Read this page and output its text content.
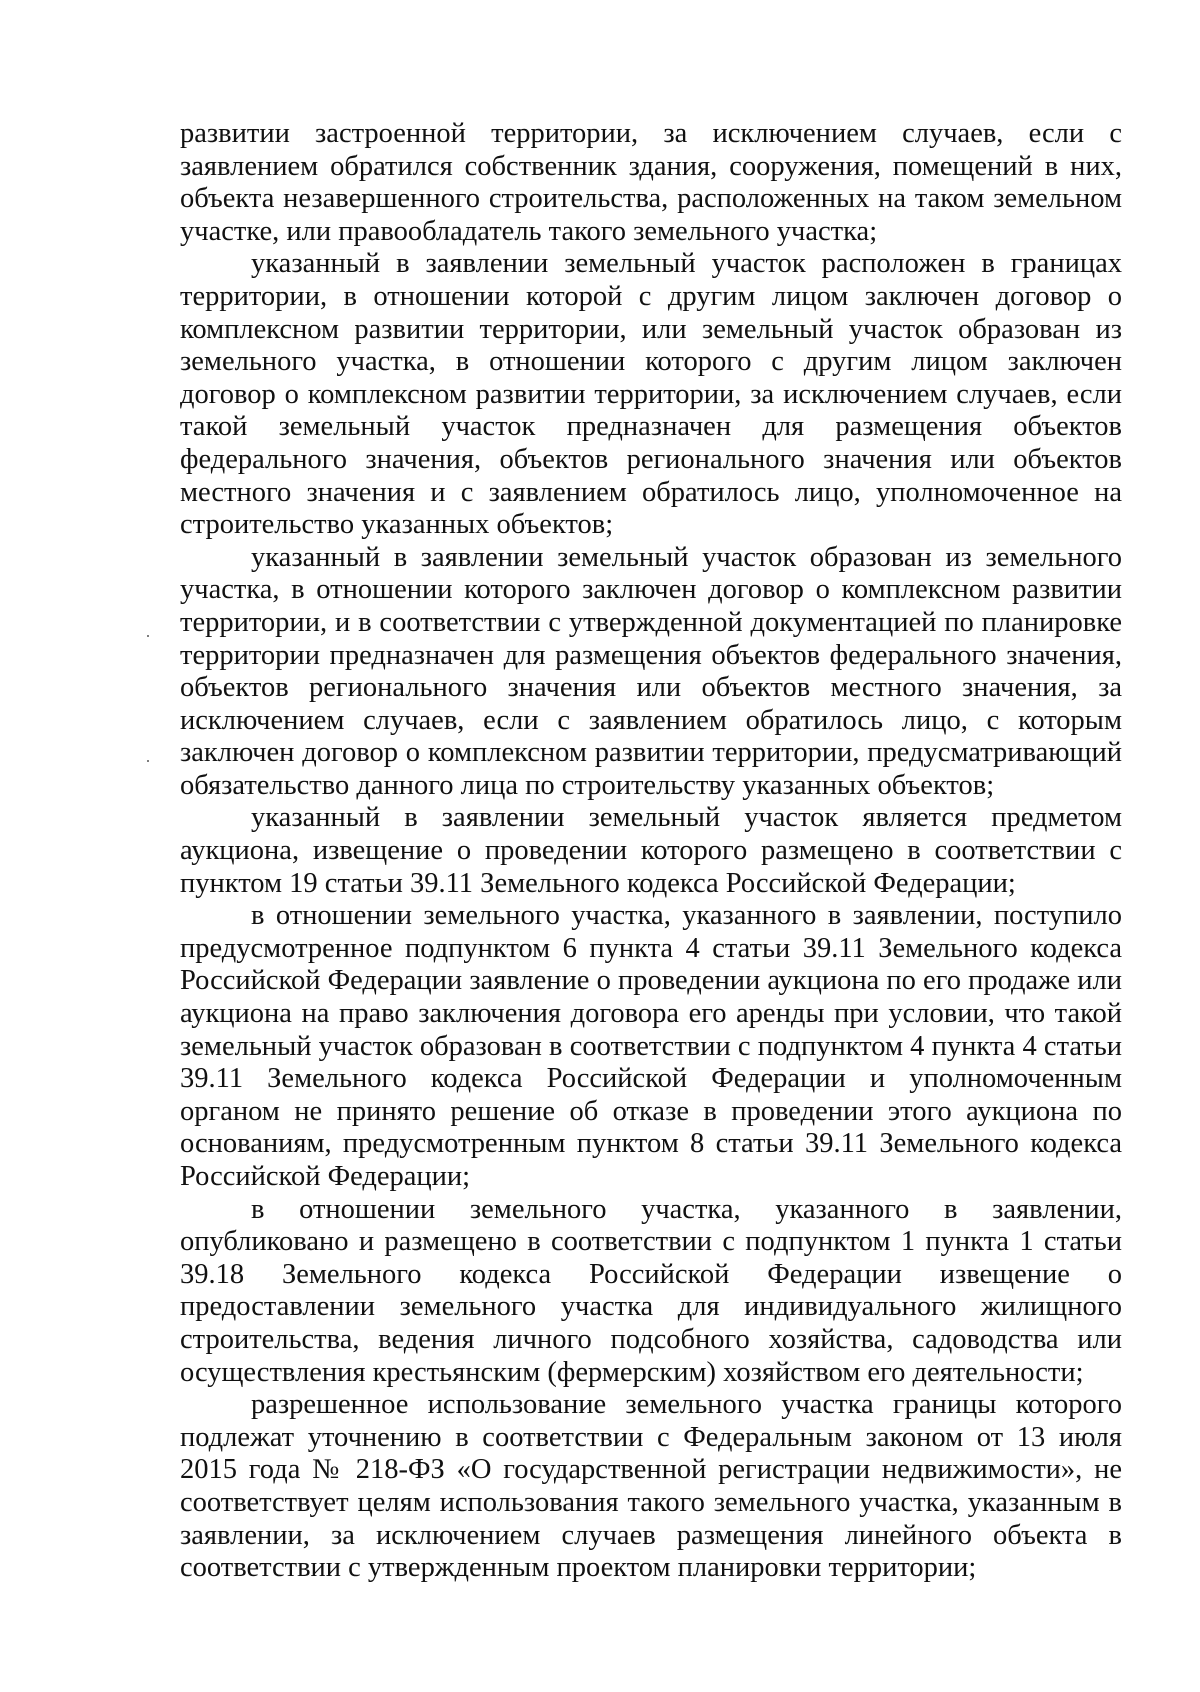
развитии застроенной территории, за исключением случаев, если с заявлением обратился собственник здания, сооружения, помещений в них, объекта незавершенного строительства, расположенных на таком земельном участке, или правообладатель такого земельного участка;

указанный в заявлении земельный участок расположен в границах территории, в отношении которой с другим лицом заключен договор о комплексном развитии территории, или земельный участок образован из земельного участка, в отношении которого с другим лицом заключен договор о комплексном развитии территории, за исключением случаев, если такой земельный участок предназначен для размещения объектов федерального значения, объектов регионального значения или объектов местного значения и с заявлением обратилось лицо, уполномоченное на строительство указанных объектов;

указанный в заявлении земельный участок образован из земельного участка, в отношении которого заключен договор о комплексном развитии территории, и в соответствии с утвержденной документацией по планировке территории предназначен для размещения объектов федерального значения, объектов регионального значения или объектов местного значения, за исключением случаев, если с заявлением обратилось лицо, с которым заключен договор о комплексном развитии территории, предусматривающий обязательство данного лица по строительству указанных объектов;

указанный в заявлении земельный участок является предметом аукциона, извещение о проведении которого размещено в соответствии с пунктом 19 статьи 39.11 Земельного кодекса Российской Федерации;

в отношении земельного участка, указанного в заявлении, поступило предусмотренное подпунктом 6 пункта 4 статьи 39.11 Земельного кодекса Российской Федерации заявление о проведении аукциона по его продаже или аукциона на право заключения договора его аренды при условии, что такой земельный участок образован в соответствии с подпунктом 4 пункта 4 статьи 39.11 Земельного кодекса Российской Федерации и уполномоченным органом не принято решение об отказе в проведении этого аукциона по основаниям, предусмотренным пунктом 8 статьи 39.11 Земельного кодекса Российской Федерации;

в отношении земельного участка, указанного в заявлении, опубликовано и размещено в соответствии с подпунктом 1 пункта 1 статьи 39.18 Земельного кодекса Российской Федерации извещение о предоставлении земельного участка для индивидуального жилищного строительства, ведения личного подсобного хозяйства, садоводства или осуществления крестьянским (фермерским) хозяйством его деятельности;

разрешенное использование земельного участка границы которого подлежат уточнению в соответствии с Федеральным законом от 13 июля 2015 года № 218-ФЗ «О государственной регистрации недвижимости», не соответствует целям использования такого земельного участка, указанным в заявлении, за исключением случаев размещения линейного объекта в соответствии с утвержденным проектом планировки территории;
